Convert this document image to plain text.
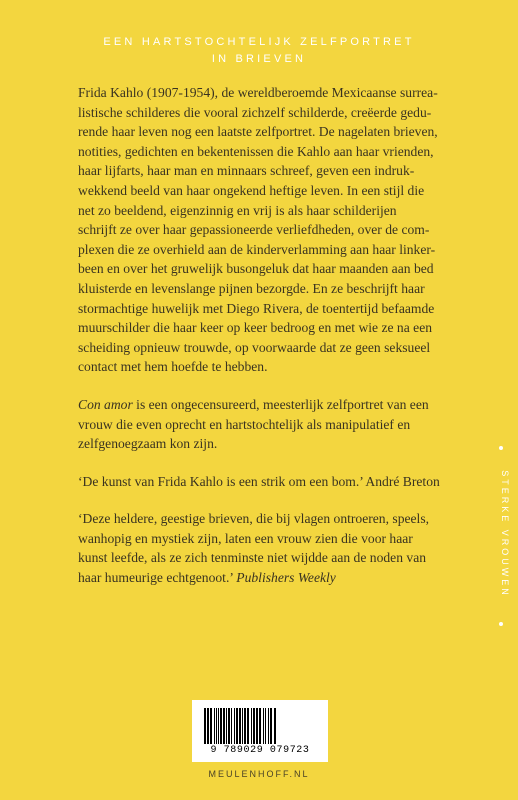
EEN HARTSTOCHTELIJK ZELFPORTRET
IN BRIEVEN

Frida Kahlo (1907-1954), de wereldberoemde Mexicaanse surrea-
listische schilderes die vooral zichzelf schilderde, creëerde gedu-
rende haar leven nog een laatste zelfportret. De nagelaten brieven,
notities, gedichten en bekentenissen die Kahlo aan haar vrienden,
haar lijfarts, haar man en minnaars schreef, geven een indruk-
wekkend beeld van haar ongekend heftige leven. In een stijl die
net zo beeldend, eigenzinnig en vrij is als haar schilderijen
schrijft ze over haar gepassioneerde verliefdheden, over de com-
plexen die ze overhield aan de kinderverlamming aan haar linker-
been en over het gruwelijk busongeluk dat haar maanden aan bed
kluisterde en levenslange pijnen bezorgde. En ze beschrijft haar
stormachtige huwelijk met Diego Rivera, de toentertijd befaamde
muurschilder die haar keer op keer bedroog en met wie ze na een
scheiding opnieuw trouwde, op voorwaarde dat ze geen seksueel
contact met hem hoefde te hebben.

Con amor is een ongecensureerd, meesterlijk zelfportret van een
vrouw die even oprecht en hartstochtelijk als manipulatief en
zelfgenoegzaam kon zijn.

‘De kunst van Frida Kahlo is een strik om een bom.’ André Breton

‘Deze heldere, geestige brieven, die bij vlagen ontroeren, speels,
wanhopig en mystiek zijn, laten een vrouw zien die voor haar
kunst leefde, als ze zich tenminste niet wijdde aan de noden van
haar humeurige echtgenoot.’ Publishers Weekly	STERKE VROUWEN
9 789029 079723
MEULENHOFF.NL
